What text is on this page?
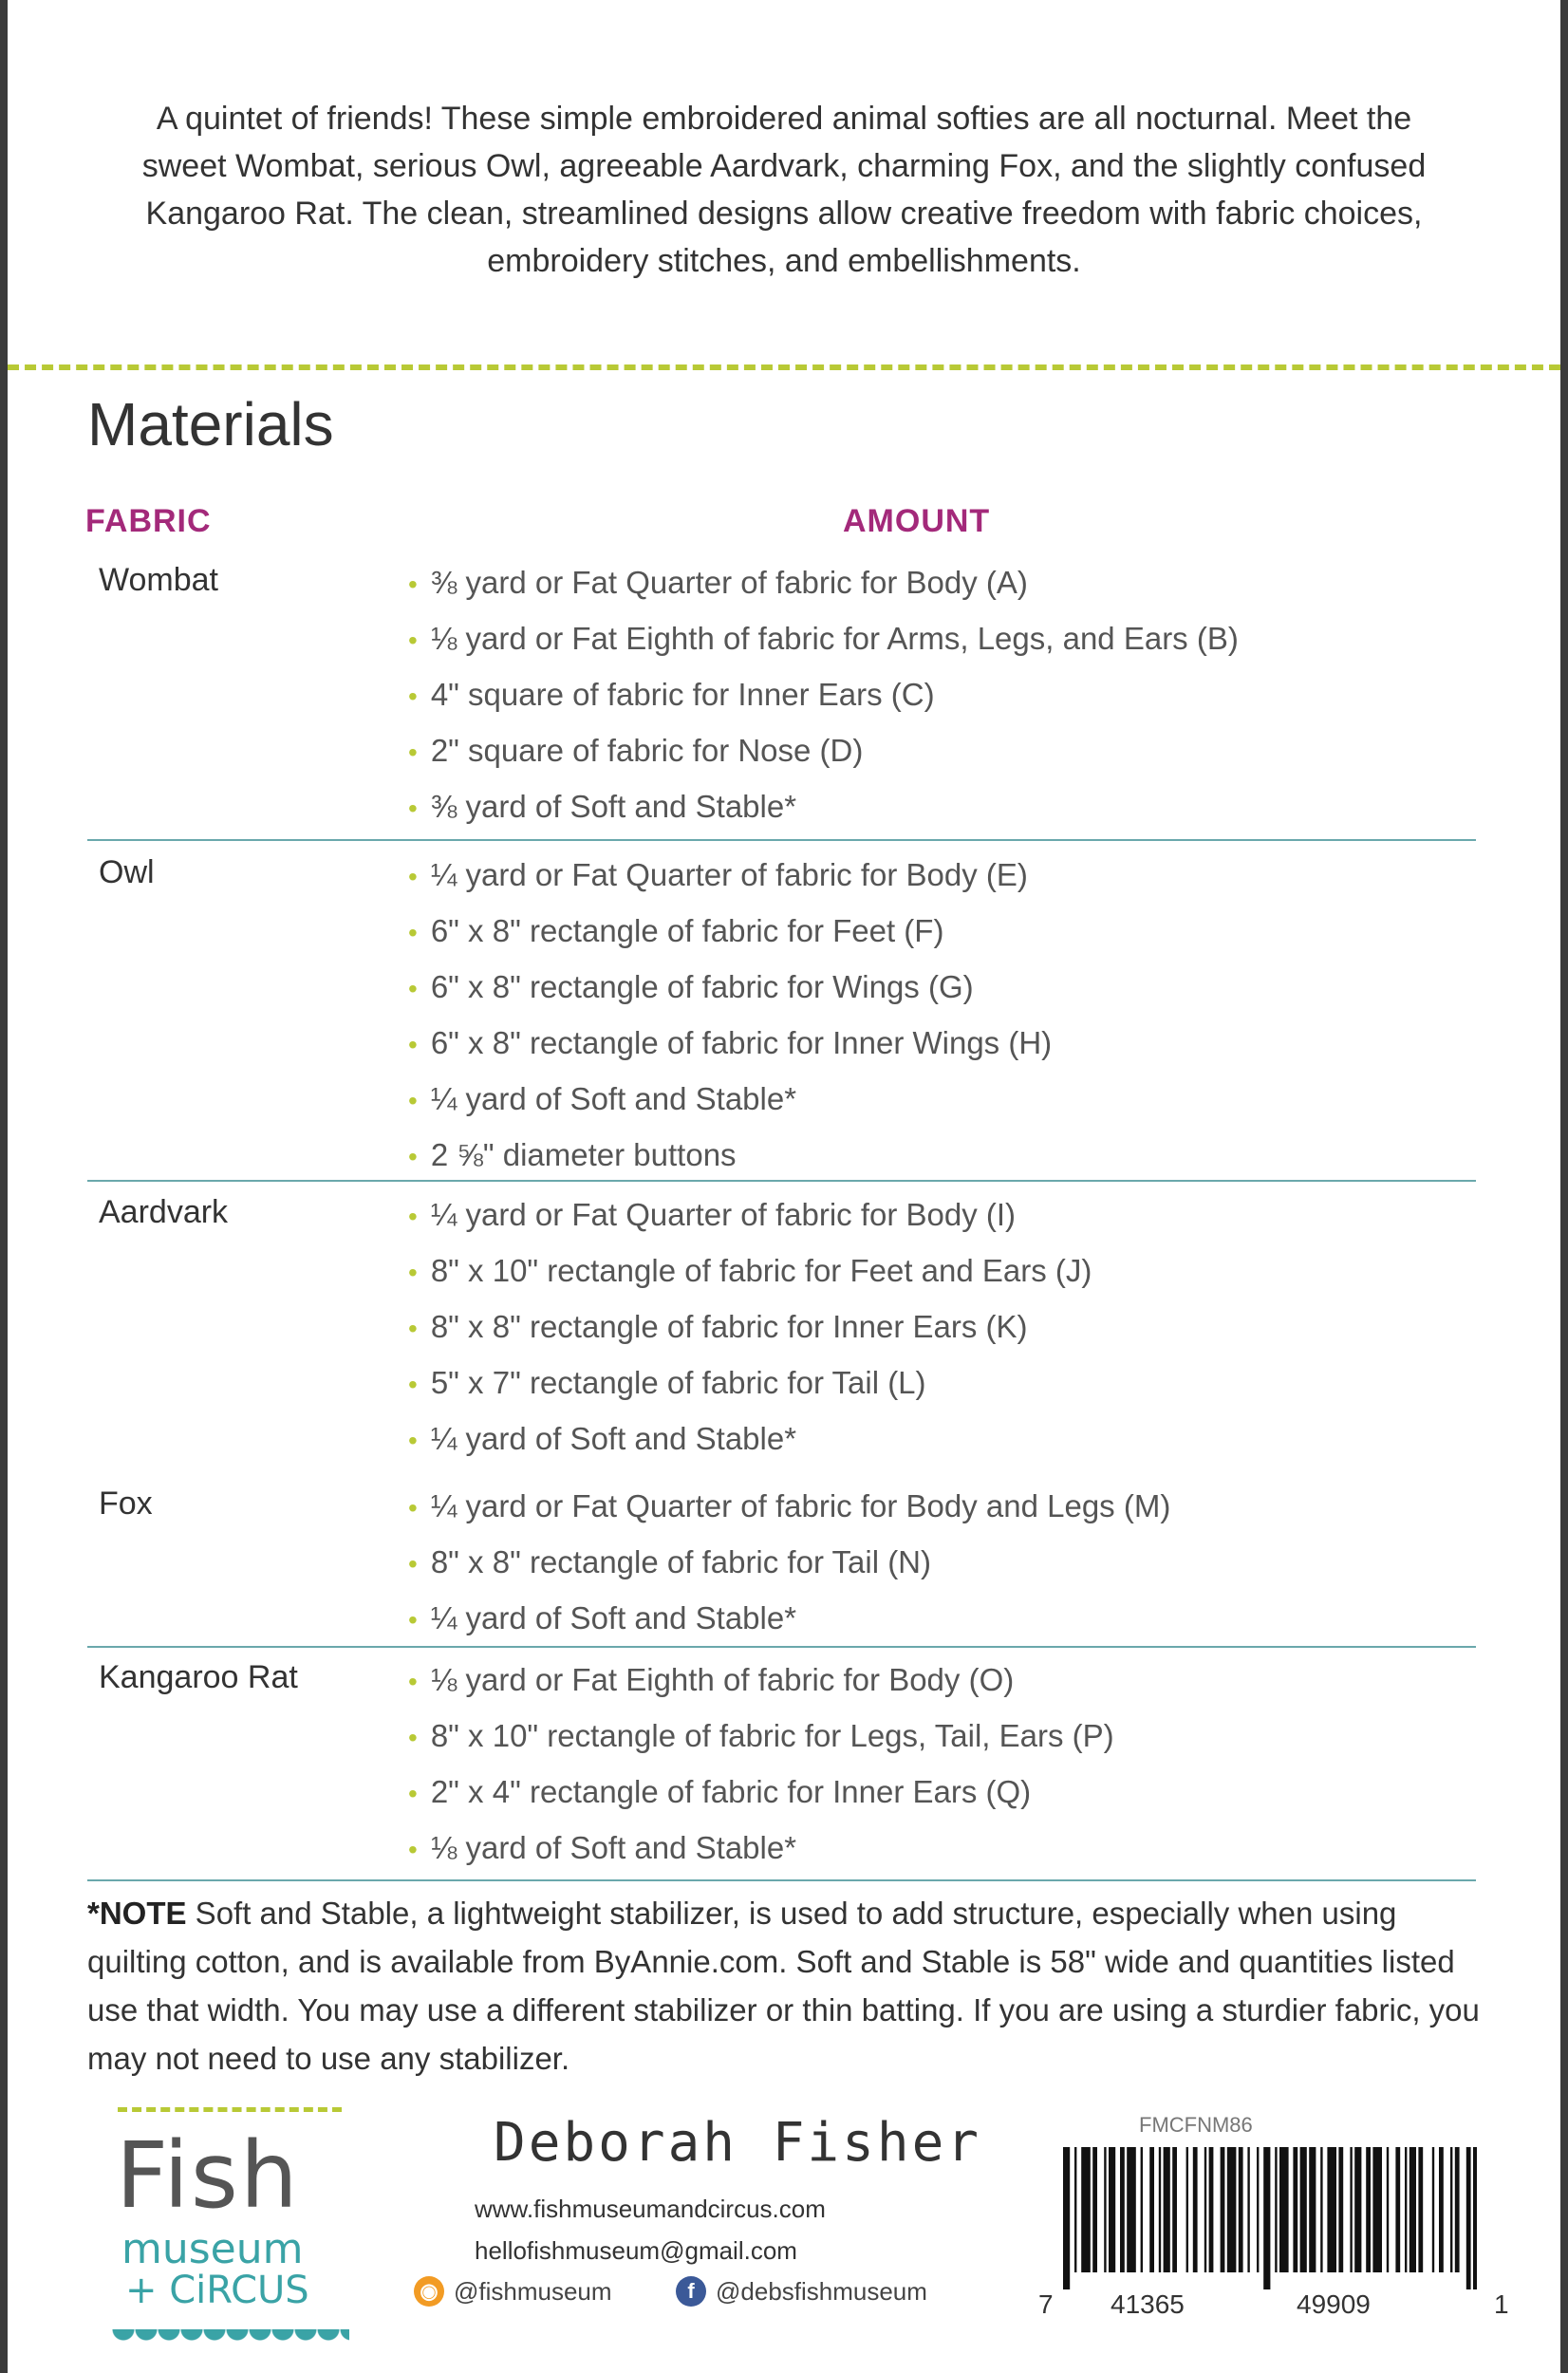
A quintet of friends! These simple embroidered animal softies are all nocturnal. Meet the sweet Wombat, serious Owl, agreeable Aardvark, charming Fox, and the slightly confused Kangaroo Rat. The clean, streamlined designs allow creative freedom with fabric choices, embroidery stitches, and embellishments.

Materials
FABRIC	AMOUNT
Wombat	• ⅜ yard or Fat Quarter of fabric for Body (A)
• ⅛ yard or Fat Eighth of fabric for Arms, Legs, and Ears (B)
• 4" square of fabric for Inner Ears (C)
• 2" square of fabric for Nose (D)
• ⅜ yard of Soft and Stable*
Owl	• ¼ yard or Fat Quarter of fabric for Body (E)
• 6" x 8" rectangle of fabric for Feet (F)
• 6" x 8" rectangle of fabric for Wings (G)
• 6" x 8" rectangle of fabric for Inner Wings (H)
• ¼ yard of Soft and Stable*
• 2 ⅝" diameter buttons
Aardvark	• ¼ yard or Fat Quarter of fabric for Body (I)
• 8" x 10" rectangle of fabric for Feet and Ears (J)
• 8" x 8" rectangle of fabric for Inner Ears (K)
• 5" x 7" rectangle of fabric for Tail (L)
• ¼ yard of Soft and Stable*
Fox	• ¼ yard or Fat Quarter of fabric for Body and Legs (M)
• 8" x 8" rectangle of fabric for Tail (N)
• ¼ yard of Soft and Stable*
Kangaroo Rat	• ⅛ yard or Fat Eighth of fabric for Body (O)
• 8" x 10" rectangle of fabric for Legs, Tail, Ears (P)
• 2" x 4" rectangle of fabric for Inner Ears (Q)
• ⅛ yard of Soft and Stable*
*NOTE Soft and Stable, a lightweight stabilizer, is used to add structure, especially when using quilting cotton, and is available from ByAnnie.com. Soft and Stable is 58" wide and quantities listed use that width. You may use a different stabilizer or thin batting. If you are using a sturdier fabric, you may not need to use any stabilizer.
Fish
museum
+ CiRCUS
Deborah Fisher
www.fishmuseumandcircus.com
hellofishmuseum@gmail.com
◉ @fishmuseum	f @debsfishmuseum
FMCFNM86
7 41365	49909	1
